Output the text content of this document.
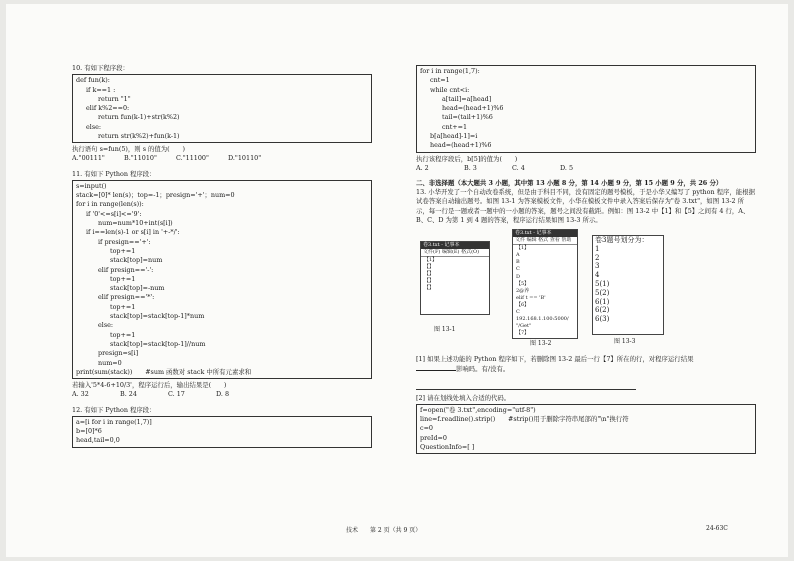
10. 有如下程序段：

def fun(k):
if k==1 :
return "1"
elif k%2==0:
return fun(k-1)+str(k%2)
else:
return str(k%2)+fun(k-1)

执行语句 s=fun(5)，则 s 的值为(　　)

A."00111"	B."11010"	C."11100"	D."10110"

11. 有如下 Python 程序段：

s=input()
stack=[0]* len(s)；top=-1；presign='+'；num=0
for i in range(len(s)):
if '0'<=s[i]<='9':
num=num*10+int(s[i])
if i==len(s)-1 or s[i] in '+-*/':
if presign=='+':
top+=1
stack[top]=num
elif presign=='-':
top+=1
stack[top]=-num
elif presign=='*':
top+=1
stack[top]=stack[top-1]*num
else:
top+=1
stack[top]=stack[top-1]//num
presign=s[i]
num=0
print(sum(stack))　　#sum 函数对 stack 中所有元素求和

若输入'5*4-6+10/3'，程序运行后，输出结果是(　　)

A. 32	B. 24	C. 17	D. 8

12. 有如下 Python 程序段：

a=[i for i in range(1,7)]
b=[0]*6
head,tail=0,0
for i in range(1,7):
cnt=1
while cnt<i:
a[tail]=a[head]
head=(head+1)%6
tail=(tail+1)%6
cnt+=1
b[a[head]-1]=i
head=(head+1)%6

执行该程序段后，b[5]的值为(　　)

A. 2	B. 3	C. 4	D. 5

二、非选择题（本大题共 3 小题，其中第 13 小题 8 分，第 14 小题 9 分，第 15 小题 9 分，共 26 分）

13. 小华开发了一个自动改卷系统，但是由于科目不同，没有固定的题号模板，于是小华又编写了 python 程序，能根据试卷答案自动输出题号。如图 13-1 为答案模板文件，小华在模板文件中录入答案后保存为"卷 3.txt"，如图 13-2 所示，每一行是一题或者一题中的一小题的答案，题号之间没有截距。例如：图 13-2 中【1】和【5】之间有 4 行，A、B、C、D 为第 1 到 4 题的答案，程序运行结果如图 13-3 所示。

卷3.txt - 记事本
文件(F) 编辑(E) 格式(O)
【1】
【】
【】
【】
【】
图 13-1
卷3.txt - 记事本
文件 编辑 格式 查看 帮助
【1】
A
B
C
D
【5】
2@养
elif t == 'B'
【6】
C
192.168.1.100:5000/
"/Get"
【7】
图 13-2
卷3题号划分为：
1
2
3
4
5(1)
5(2)
6(1)
6(2)
6(3)
图 13-3

[1] 如果上述功能的 Python 程序如下，若删除图 13-2 最后一行【7】所在的行，对程序运行结果

影响吗。有/没有。

[2] 请在划线处填入合适的代码。

f=open("卷 3.txt",encoding="utf-8")
line=f.readline().strip()　　#strip()用于删除字符串尾部的"\n"换行符
c=0
preId=0
QuestionInfo=[ ]
技术　　第 2 页（共 9 页）	24-63C
